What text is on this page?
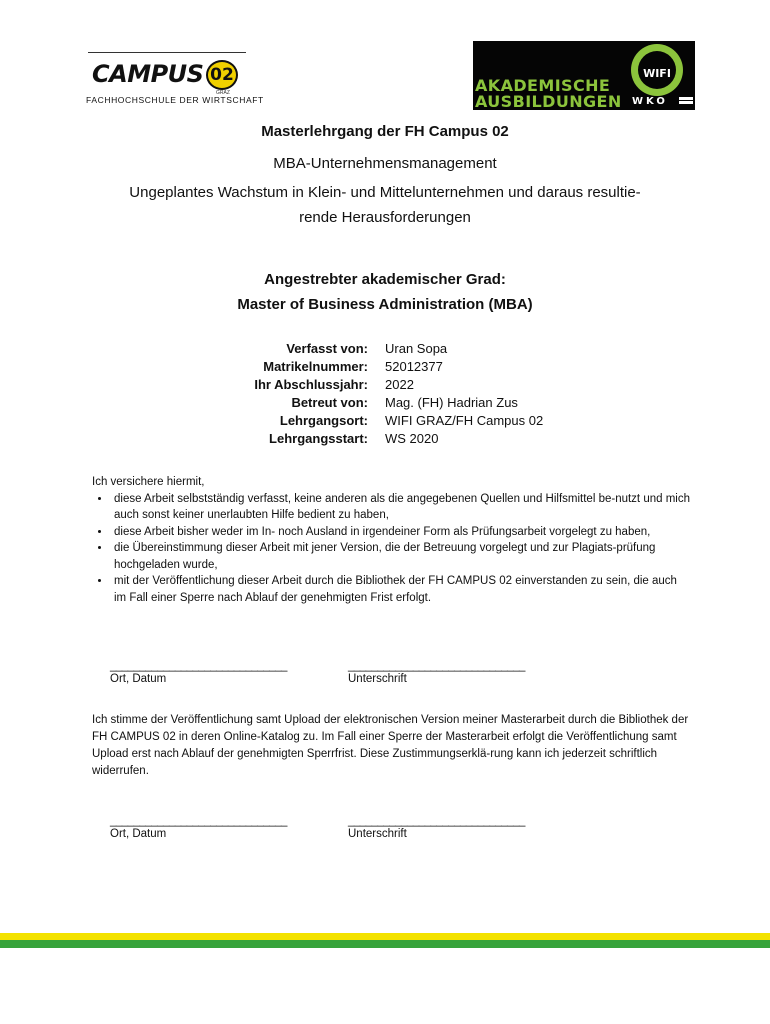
CAMPUS 02
GRAZ
FACHHOCHSCHULE DER WIRTSCHAFT
AKADEMISCHE
AUSBILDUNGEN
WIFI
WKO
Masterlehrgang der FH Campus 02
MBA-Unternehmensmanagement
Ungeplantes Wachstum in Klein- und Mittelunternehmen und daraus resultie-
rende Herausforderungen
Angestrebter akademischer Grad:
Master of Business Administration (MBA)
Verfasst von: Uran Sopa
Matrikelnummer: 52012377
Ihr Abschlussjahr: 2022
Betreut von: Mag. (FH) Hadrian Zus
Lehrgangsort: WIFI GRAZ/FH Campus 02
Lehrgangsstart: WS 2020
Ich versichere hiermit,
• diese Arbeit selbstständig verfasst, keine anderen als die angegebenen Quellen und Hilfsmittel be-nutzt und mich auch sonst keiner unerlaubten Hilfe bedient zu haben,
• diese Arbeit bisher weder im In- noch Ausland in irgendeiner Form als Prüfungsarbeit vorgelegt zu haben,
• die Übereinstimmung dieser Arbeit mit jener Version, die der Betreuung vorgelegt und zur Plagiats-prüfung hochgeladen wurde,
• mit der Veröffentlichung dieser Arbeit durch die Bibliothek der FH CAMPUS 02 einverstanden zu sein, die auch im Fall einer Sperre nach Ablauf der genehmigten Frist erfolgt.
______________________________
Ort, Datum
______________________________
Unterschrift
Ich stimme der Veröffentlichung samt Upload der elektronischen Version meiner Masterarbeit durch die Bibliothek der FH CAMPUS 02 in deren Online-Katalog zu. Im Fall einer Sperre der Masterarbeit erfolgt die Veröffentlichung samt Upload erst nach Ablauf der genehmigten Sperrfrist. Diese Zustimmungserklä-rung kann ich jederzeit schriftlich widerrufen.
______________________________
Ort, Datum
______________________________
Unterschrift
